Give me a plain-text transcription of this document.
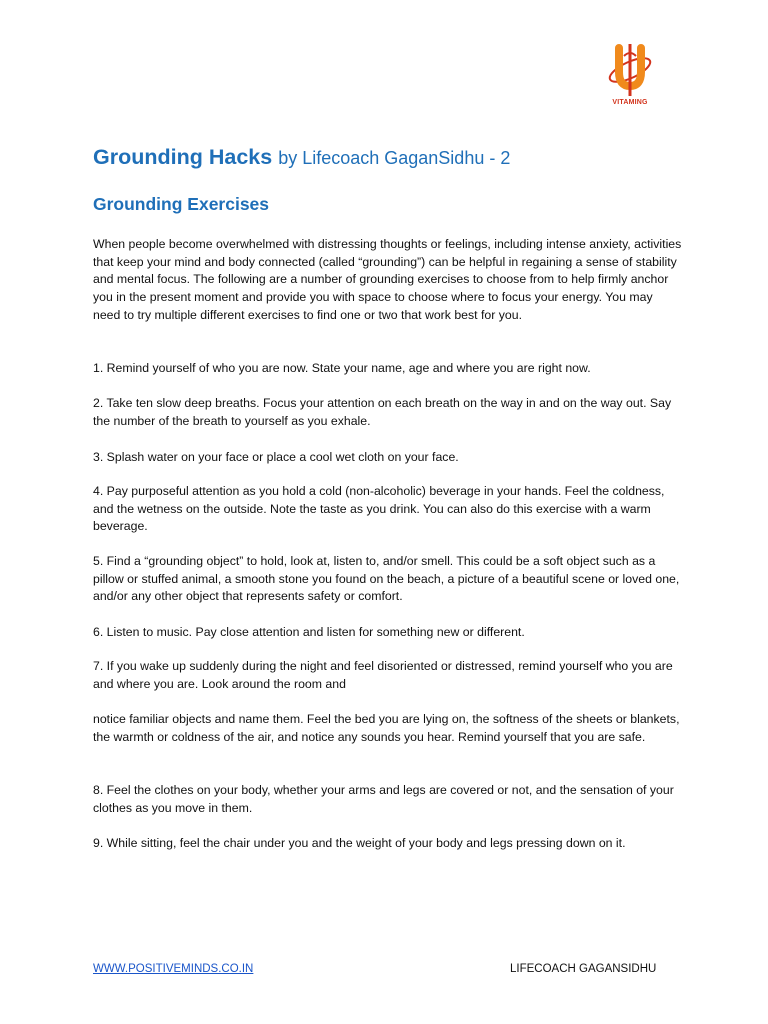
VITAMING
Grounding Hacks by Lifecoach GaganSidhu - 2
Grounding Exercises

When people become overwhelmed with distressing thoughts or feelings, including intense anxiety, activities that keep your mind and body connected (called “grounding”) can be helpful in regaining a sense of stability and mental focus. The following are a number of grounding exercises to choose from to help firmly anchor you in the present moment and provide you with space to choose where to focus your energy. You may need to try multiple different exercises to find one or two that work best for you.

1. Remind yourself of who you are now. State your name, age and where you are right now.

2. Take ten slow deep breaths. Focus your attention on each breath on the way in and on the way out. Say the number of the breath to yourself as you exhale.

3. Splash water on your face or place a cool wet cloth on your face.

4. Pay purposeful attention as you hold a cold (non-alcoholic) beverage in your hands. Feel the coldness, and the wetness on the outside. Note the taste as you drink. You can also do this exercise with a warm beverage.

5. Find a “grounding object” to hold, look at, listen to, and/or smell. This could be a soft object such as a pillow or stuffed animal, a smooth stone you found on the beach, a picture of a beautiful scene or loved one, and/or any other object that represents safety or comfort.

6. Listen to music. Pay close attention and listen for something new or different.

7. If you wake up suddenly during the night and feel disoriented or distressed, remind yourself who you are and where you are. Look around the room and

notice familiar objects and name them. Feel the bed you are lying on, the softness of the sheets or blankets, the warmth or coldness of the air, and notice any sounds you hear. Remind yourself that you are safe.

8. Feel the clothes on your body, whether your arms and legs are covered or not, and the sensation of your clothes as you move in them.

9. While sitting, feel the chair under you and the weight of your body and legs pressing down on it.

WWW.POSITIVEMINDS.CO.IN	LIFECOACH GAGANSIDHU
